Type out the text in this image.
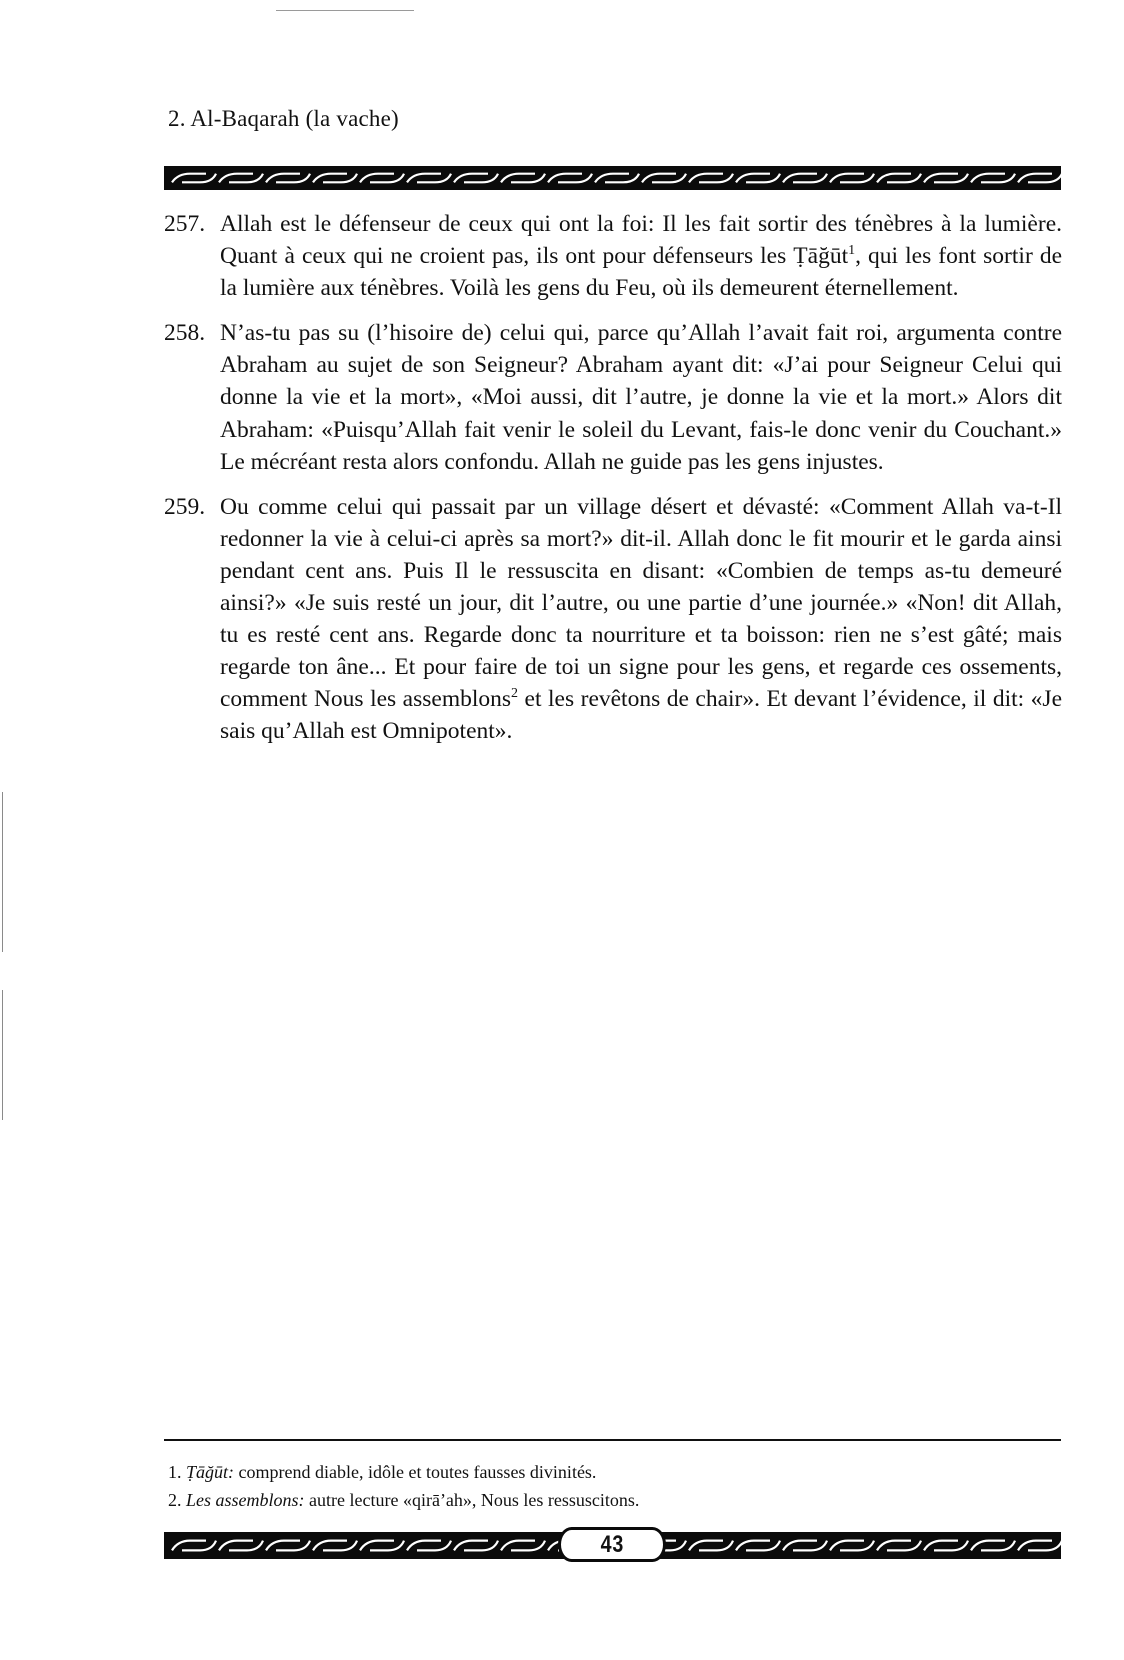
2. Al-Baqarah (la vache)
257. Allah est le défenseur de ceux qui ont la foi: Il les fait sortir des ténèbres à la lumière. Quant à ceux qui ne croient pas, ils ont pour défenseurs les Ṭāğūt$^1$, qui les font sortir de la lumière aux ténèbres. Voilà les gens du Feu, où ils demeurent éternellement.
258. N’as-tu pas su (l’hisoire de) celui qui, parce qu’Allah l’avait fait roi, argumenta contre Abraham au sujet de son Seigneur? Abraham ayant dit: «J’ai pour Seigneur Celui qui donne la vie et la mort», «Moi aussi, dit l’autre, je donne la vie et la mort.» Alors dit Abraham: «Puisqu’Allah fait venir le soleil du Levant, fais-le donc venir du Couchant.» Le mécréant resta alors confondu. Allah ne guide pas les gens injustes.
259. Ou comme celui qui passait par un village désert et dévasté: «Comment Allah va-t-Il redonner la vie à celui-ci après sa mort?» dit-il. Allah donc le fit mourir et le garda ainsi pendant cent ans. Puis Il le ressuscita en disant: «Combien de temps as-tu demeuré ainsi?» «Je suis resté un jour, dit l’autre, ou une partie d’une journée.» «Non! dit Allah, tu es resté cent ans. Regarde donc ta nourriture et ta boisson: rien ne s’est gâté; mais regarde ton âne... Et pour faire de toi un signe pour les gens, et regarde ces ossements, comment Nous les assemblons$^2$ et les revêtons de chair». Et devant l’évidence, il dit: «Je sais qu’Allah est Omnipotent».
1. Ṭāğūt: comprend diable, idôle et toutes fausses divinités.
2. Les assemblons: autre lecture «qirā’ah», Nous les ressuscitons.
43
